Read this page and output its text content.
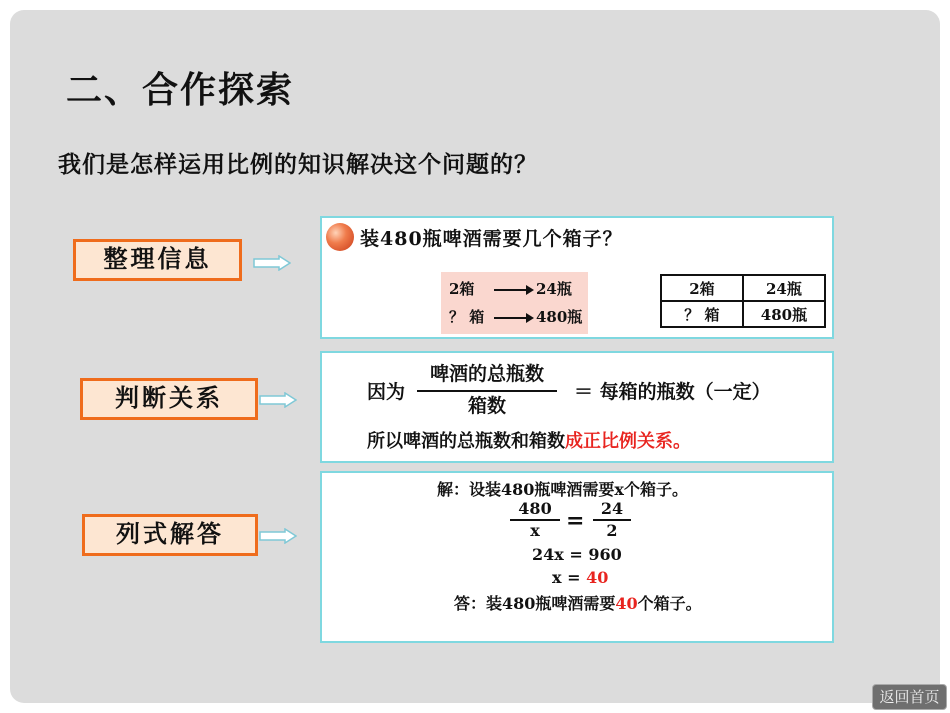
二、合作探索
我们是怎样运用比例的知识解决这个问题的？
整理信息
判断关系
列式解答
装480瓶啤酒需要几个箱子？
2箱	24瓶
？ 箱	480瓶
2箱	24瓶
？ 箱	480瓶
因为
啤酒的总瓶数
箱数
＝ 每箱的瓶数（一定）
所以啤酒的总瓶数和箱数成正比例关系。
解：设装480瓶啤酒需要x个箱子。
480
x	=	24
2
24x = 960
x = 40
答：装480瓶啤酒需要40个箱子。
返回首页
